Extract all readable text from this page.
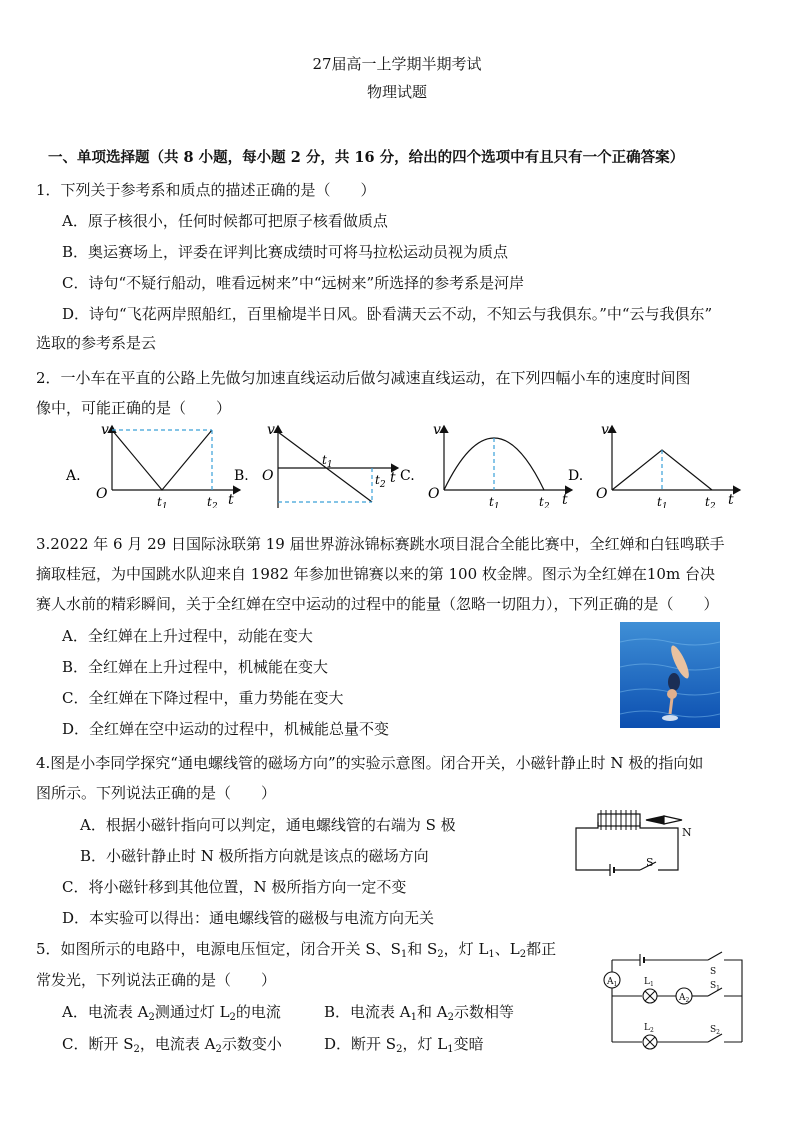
27届高一上学期半期考试
物理试题
一、单项选择题（共 8 小题，每小题 2 分，共 16 分，给出的四个选项中有且只有一个正确答案）
1．下列关于参考系和质点的描述正确的是（　　）
A．原子核很小，任何时候都可把原子核看做质点
B．奥运赛场上，评委在评判比赛成绩时可将马拉松运动员视为质点
C．诗句“不疑行船动，唯看远树来”中“远树来”所选择的参考系是河岸
D．诗句“飞花两岸照船红，百里榆堤半日风。卧看满天云不动，不知云与我俱东。”中“云与我俱东”
选取的参考系是云
2．一小车在平直的公路上先做匀加速直线运动后做匀减速直线运动，在下列四幅小车的速度时间图
像中，可能正确的是（　　）
A.
v
O	$t_1$	$t_2$ t
B.
v
O
$t_1$
$t_2$ t C.
v
O	$t_1$	$t_2$ t
D.
v
O	$t_1$	$t_2$ t
3.2022 年 6 月 29 日国际泳联第 19 届世界游泳锦标赛跳水项目混合全能比赛中，全红婵和白钰鸣联手
摘取桂冠，为中国跳水队迎来自 1982 年参加世锦赛以来的第 100 枚金牌。图示为全红婵在10m 台决
赛人水前的精彩瞬间，关于全红婵在空中运动的过程中的能量（忽略一切阻力），下列正确的是（　　）
A．全红婵在上升过程中，动能在变大
B．全红婵在上升过程中，机械能在变大
C．全红婵在下降过程中，重力势能在变大
D．全红婵在空中运动的过程中，机械能总量不变
4.图是小李同学探究“通电螺线管的磁场方向”的实验示意图。闭合开关，小磁针静止时 N 极的指向如
图所示。下列说法正确的是（　　）
A．根据小磁针指向可以判定，通电螺线管的右端为 S 极
B．小磁针静止时 N 极所指方向就是该点的磁场方向
C．将小磁针移到其他位置，N 极所指方向一定不变
D．本实验可以得出：通电螺线管的磁极与电流方向无关
N
S
5．如图所示的电路中，电源电压恒定，闭合开关 S、$S_1$和 $S_2$，灯 $L_1$、$L_2$都正
常发光，下列说法正确的是（　　）
A．电流表 $A_2$测通过灯 $L_2$的电流	B．电流表 $A_1$和 $A_2$示数相等
C．断开 $S_2$，电流表 $A_2$示数变小	D．断开 $S_2$，灯 $L_1$变暗
S
$A_1$	$L_1$
$A_2$
$S_1$
$L_2$	$S_2$
